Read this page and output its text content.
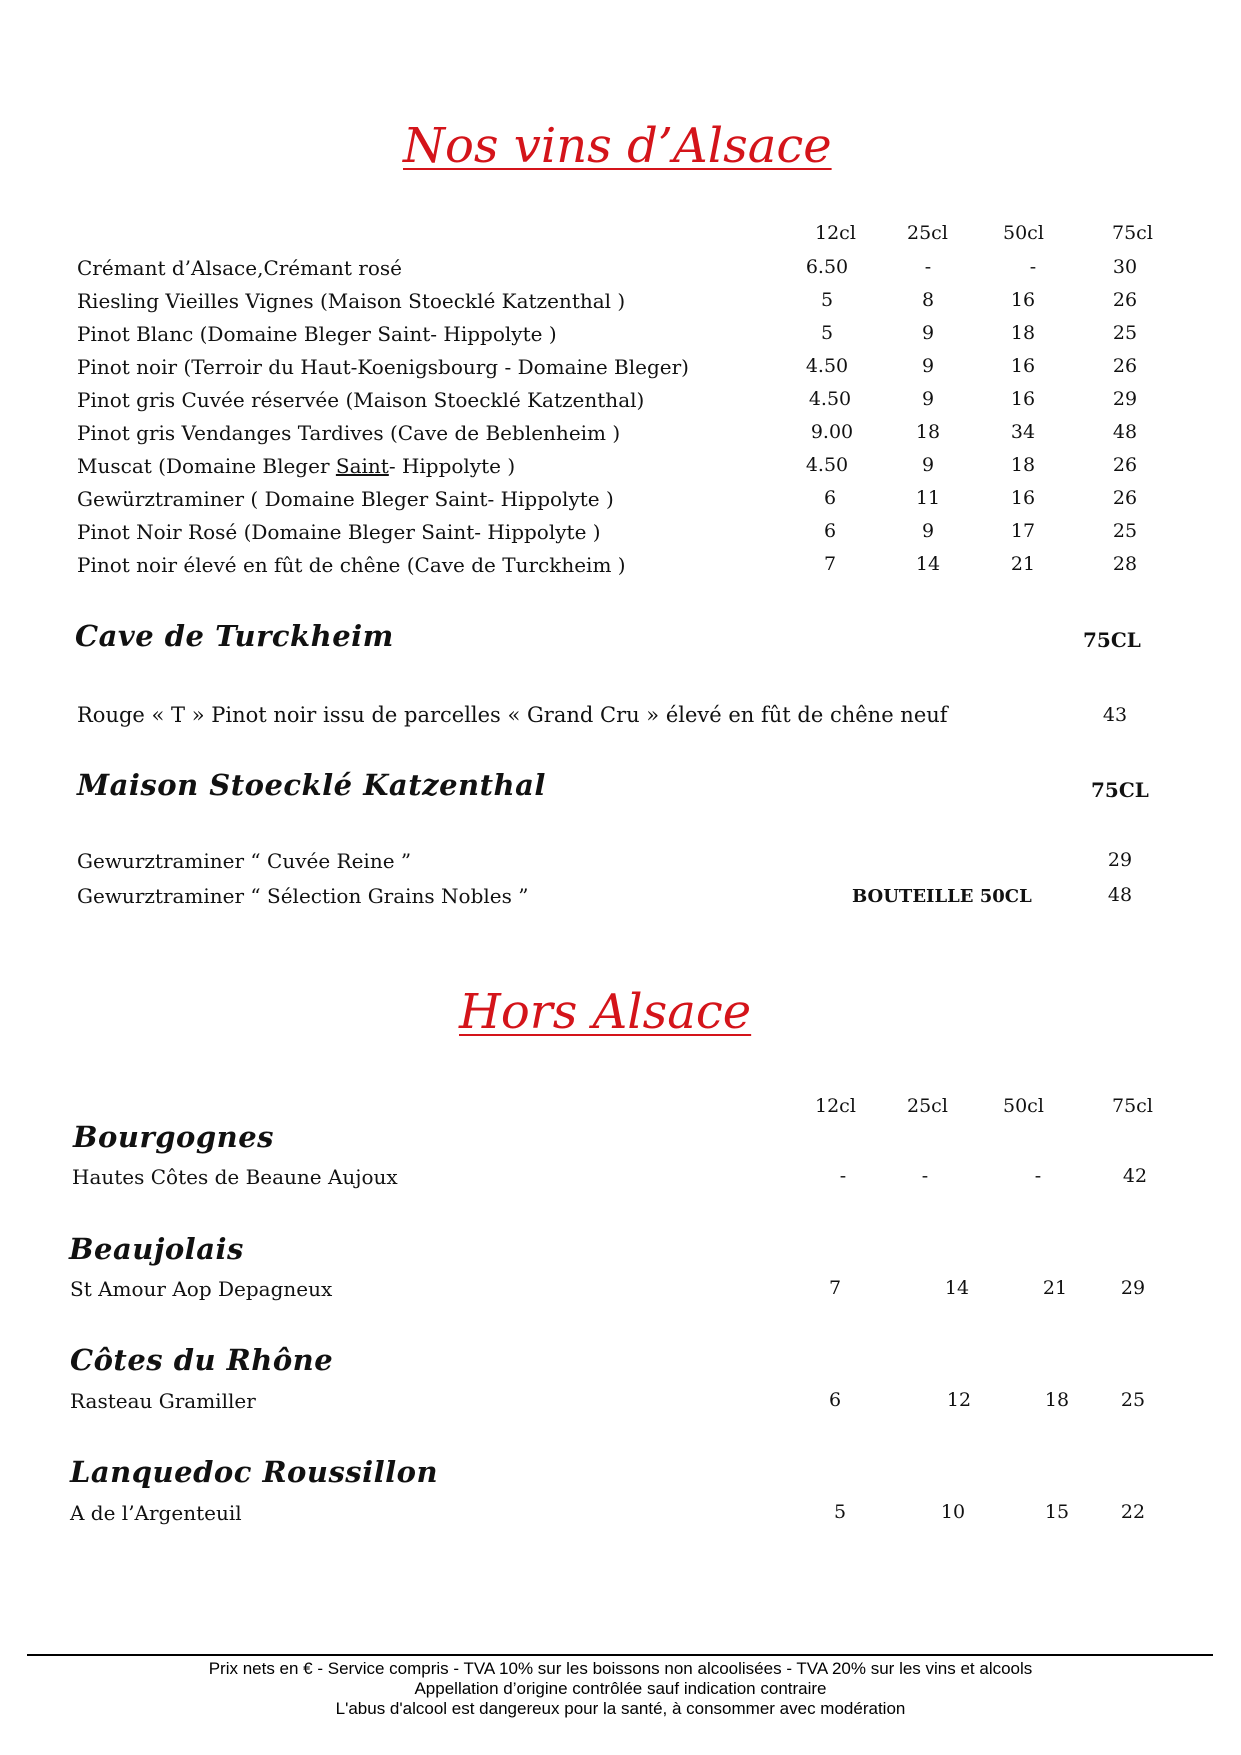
Nos vins d’Alsace
12cl	25cl	50cl	75cl
Crémant d’Alsace,Crémant rosé	6.50	-	-	30
Riesling Vieilles Vignes (Maison Stoecklé Katzenthal )	5	8	16	26
Pinot Blanc (Domaine Bleger Saint- Hippolyte )	5	9	18	25
Pinot noir (Terroir du Haut-Koenigsbourg - Domaine Bleger)	4.50	9	16	26
Pinot gris Cuvée réservée (Maison Stoecklé Katzenthal)	4.50	9	16	29
Pinot gris Vendanges Tardives (Cave de Beblenheim )	9.00	18	34	48
Muscat (Domaine Bleger Saint- Hippolyte )	4.50	9	18	26
Gewürztraminer ( Domaine Bleger Saint- Hippolyte )	6	11	16	26
Pinot Noir Rosé (Domaine Bleger Saint- Hippolyte )	6	9	17	25
Pinot noir élevé en fût de chêne (Cave de Turckheim )	7	14	21	28
Cave de Turckheim	75CL
Rouge « T » Pinot noir issu de parcelles « Grand Cru » élevé en fût de chêne neuf	43
Maison Stoecklé Katzenthal	75CL
Gewurztraminer “ Cuvée Reine ”	29
Gewurztraminer “ Sélection Grains Nobles ”	BOUTEILLE 50CL	48
Hors Alsace
12cl	25cl	50cl	75cl
Bourgognes
Hautes Côtes de Beaune Aujoux	-	-	-	42
Beaujolais
St Amour Aop Depagneux	7	14	21	29
Côtes du Rhône
Rasteau Gramiller	6	12	18	25
Lanquedoc Roussillon
A de l’Argenteuil	5	10	15	22
Prix nets en € - Service compris - TVA 10% sur les boissons non alcoolisées - TVA 20% sur les vins et alcools
Appellation d’origine contrôlée sauf indication contraire
L'abus d'alcool est dangereux pour la santé, à consommer avec modération
